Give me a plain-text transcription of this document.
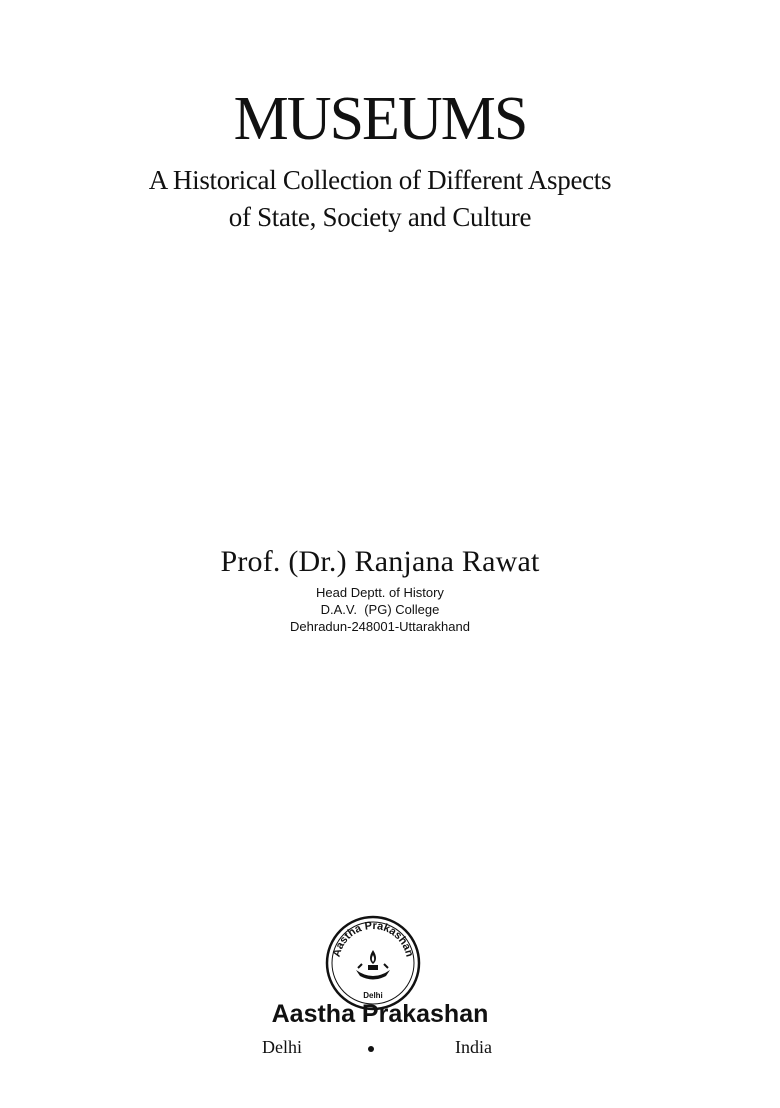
MUSEUMS
A Historical Collection of Different Aspects
of State, Society and Culture
Prof. (Dr.) Ranjana Rawat
Head Deptt. of History
D.A.V.  (PG) College
Dehradun-248001-Uttarakhand
Aastha Prakashan
Delhi
Aastha Prakashan
Delhi	India
